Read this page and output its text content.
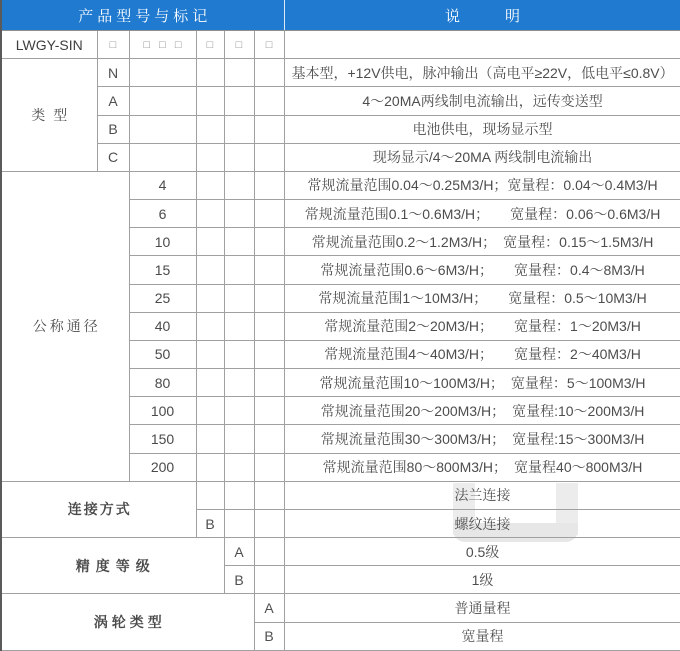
产品型号与标记						说明
LWGY-SIN	□	□ □ □	□	□	□	
类型	N					基本型，+12V供电，脉冲输出（高电平≥22V，低电平≤0.8V）
	A					4～20MA两线制电流输出，远传变送型
	B					电池供电，现场显示型
	C					现场显示/4～20MA 两线制电流输出
公称通径		4				常规流量范围0.04～0.25M3/H；宽量程：0.04～0.4M3/H
		6				常规流量范围0.1～0.6M3/H；　　宽量程：0.06～0.6M3/H
		10				常规流量范围0.2～1.2M3/H；　宽量程：0.15～1.5M3/H
		15				常规流量范围0.6～6M3/H；　　宽量程：0.4～8M3/H
		25				常规流量范围1～10M3/H；　　宽量程：0.5～10M3/H
		40				常规流量范围2～20M3/H；　　宽量程：1～20M3/H
		50				常规流量范围4～40M3/H；　　宽量程：2～40M3/H
		80				常规流量范围10～100M3/H；　宽量程：5～100M3/H
		100				常规流量范围20～200M3/H；　宽量程:10～200M3/H
		150				常规流量范围30～300M3/H；　宽量程:15～300M3/H
		200				常规流量范围80～800M3/H；　宽量程40～800M3/H
连接方式						法兰连接
			B			螺纹连接
精度等级				A		0.5级
				B		1级
涡轮类型					A	普通量程
					B	宽量程
